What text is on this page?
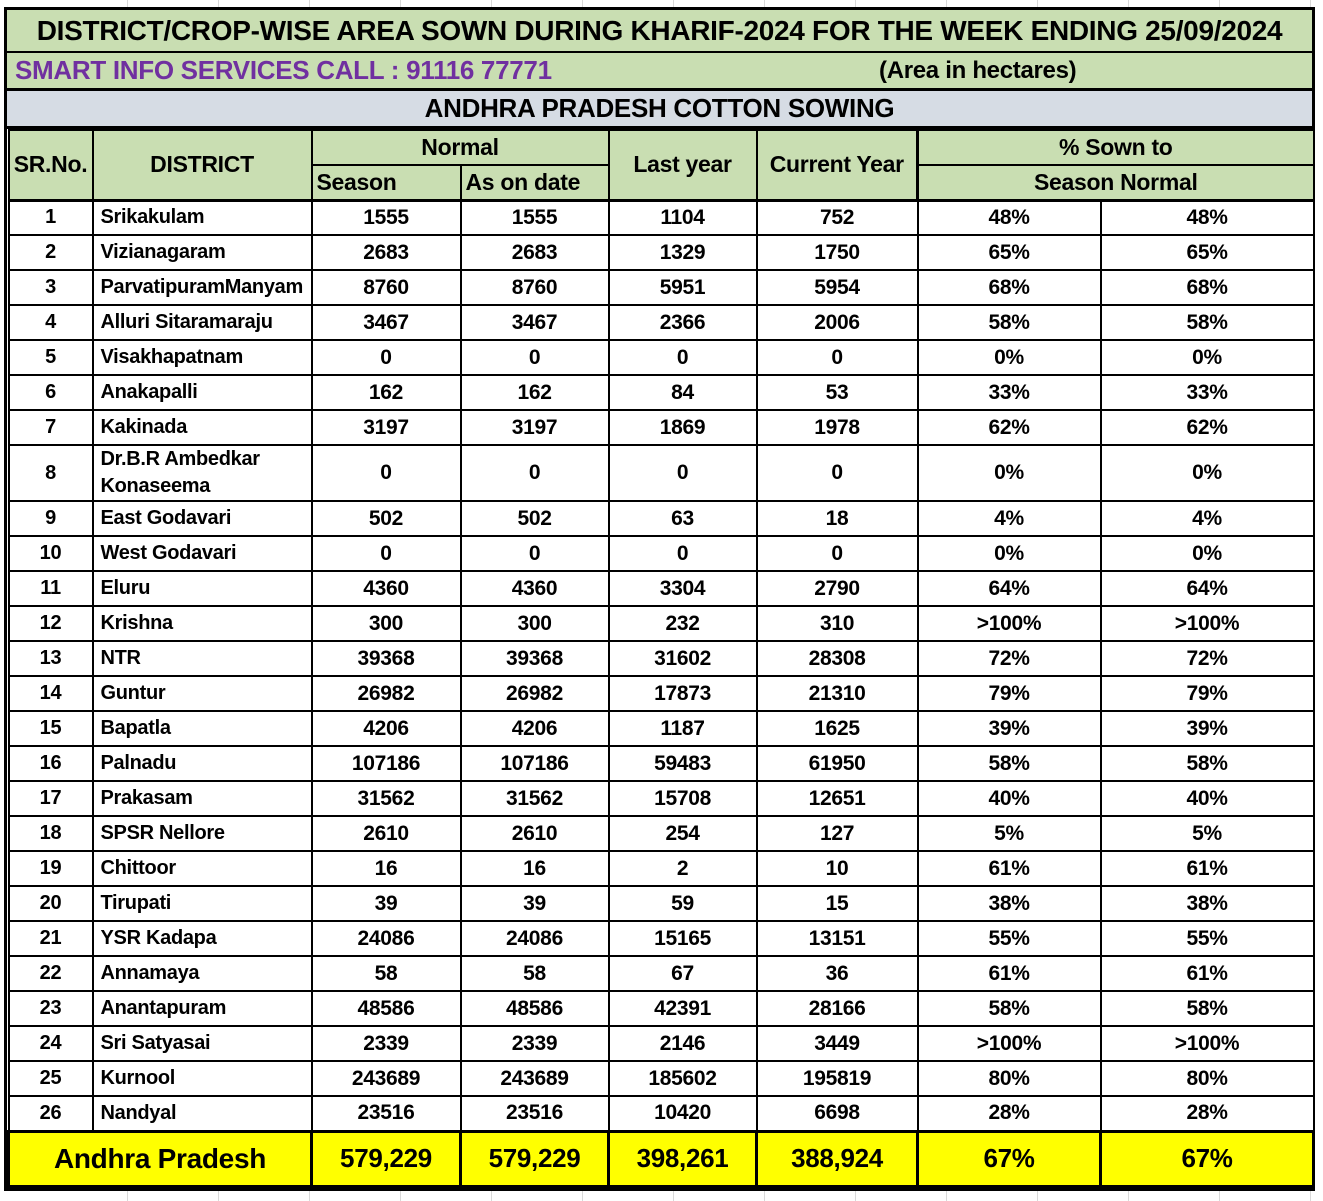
DISTRICT/CROP-WISE AREA SOWN DURING KHARIF-2024 FOR THE WEEK ENDING 25/09/2024
SMART INFO SERVICES CALL : 91116 77771	(Area in hectares)
ANDHRA PRADESH COTTON SOWING
SR.No.	DISTRICT	Normal		Last year	Current Year	% Sown to	
		Season	As on date			Season Normal	
1	Srikakulam	1555	1555	1104	752	48%	48%
2	Vizianagaram	2683	2683	1329	1750	65%	65%
3	ParvatipuramManyam	8760	8760	5951	5954	68%	68%
4	Alluri Sitaramaraju	3467	3467	2366	2006	58%	58%
5	Visakhapatnam	0	0	0	0	0%	0%
6	Anakapalli	162	162	84	53	33%	33%
7	Kakinada	3197	3197	1869	1978	62%	62%
8	Dr.B.R Ambedkar Konaseema	0	0	0	0	0%	0%
9	East Godavari	502	502	63	18	4%	4%
10	West Godavari	0	0	0	0	0%	0%
11	Eluru	4360	4360	3304	2790	64%	64%
12	Krishna	300	300	232	310	>100%	>100%
13	NTR	39368	39368	31602	28308	72%	72%
14	Guntur	26982	26982	17873	21310	79%	79%
15	Bapatla	4206	4206	1187	1625	39%	39%
16	Palnadu	107186	107186	59483	61950	58%	58%
17	Prakasam	31562	31562	15708	12651	40%	40%
18	SPSR Nellore	2610	2610	254	127	5%	5%
19	Chittoor	16	16	2	10	61%	61%
20	Tirupati	39	39	59	15	38%	38%
21	YSR Kadapa	24086	24086	15165	13151	55%	55%
22	Annamaya	58	58	67	36	61%	61%
23	Anantapuram	48586	48586	42391	28166	58%	58%
24	Sri Satyasai	2339	2339	2146	3449	>100%	>100%
25	Kurnool	243689	243689	185602	195819	80%	80%
26	Nandyal	23516	23516	10420	6698	28%	28%
Andhra Pradesh		579,229	579,229	398,261	388,924	67%	67%
